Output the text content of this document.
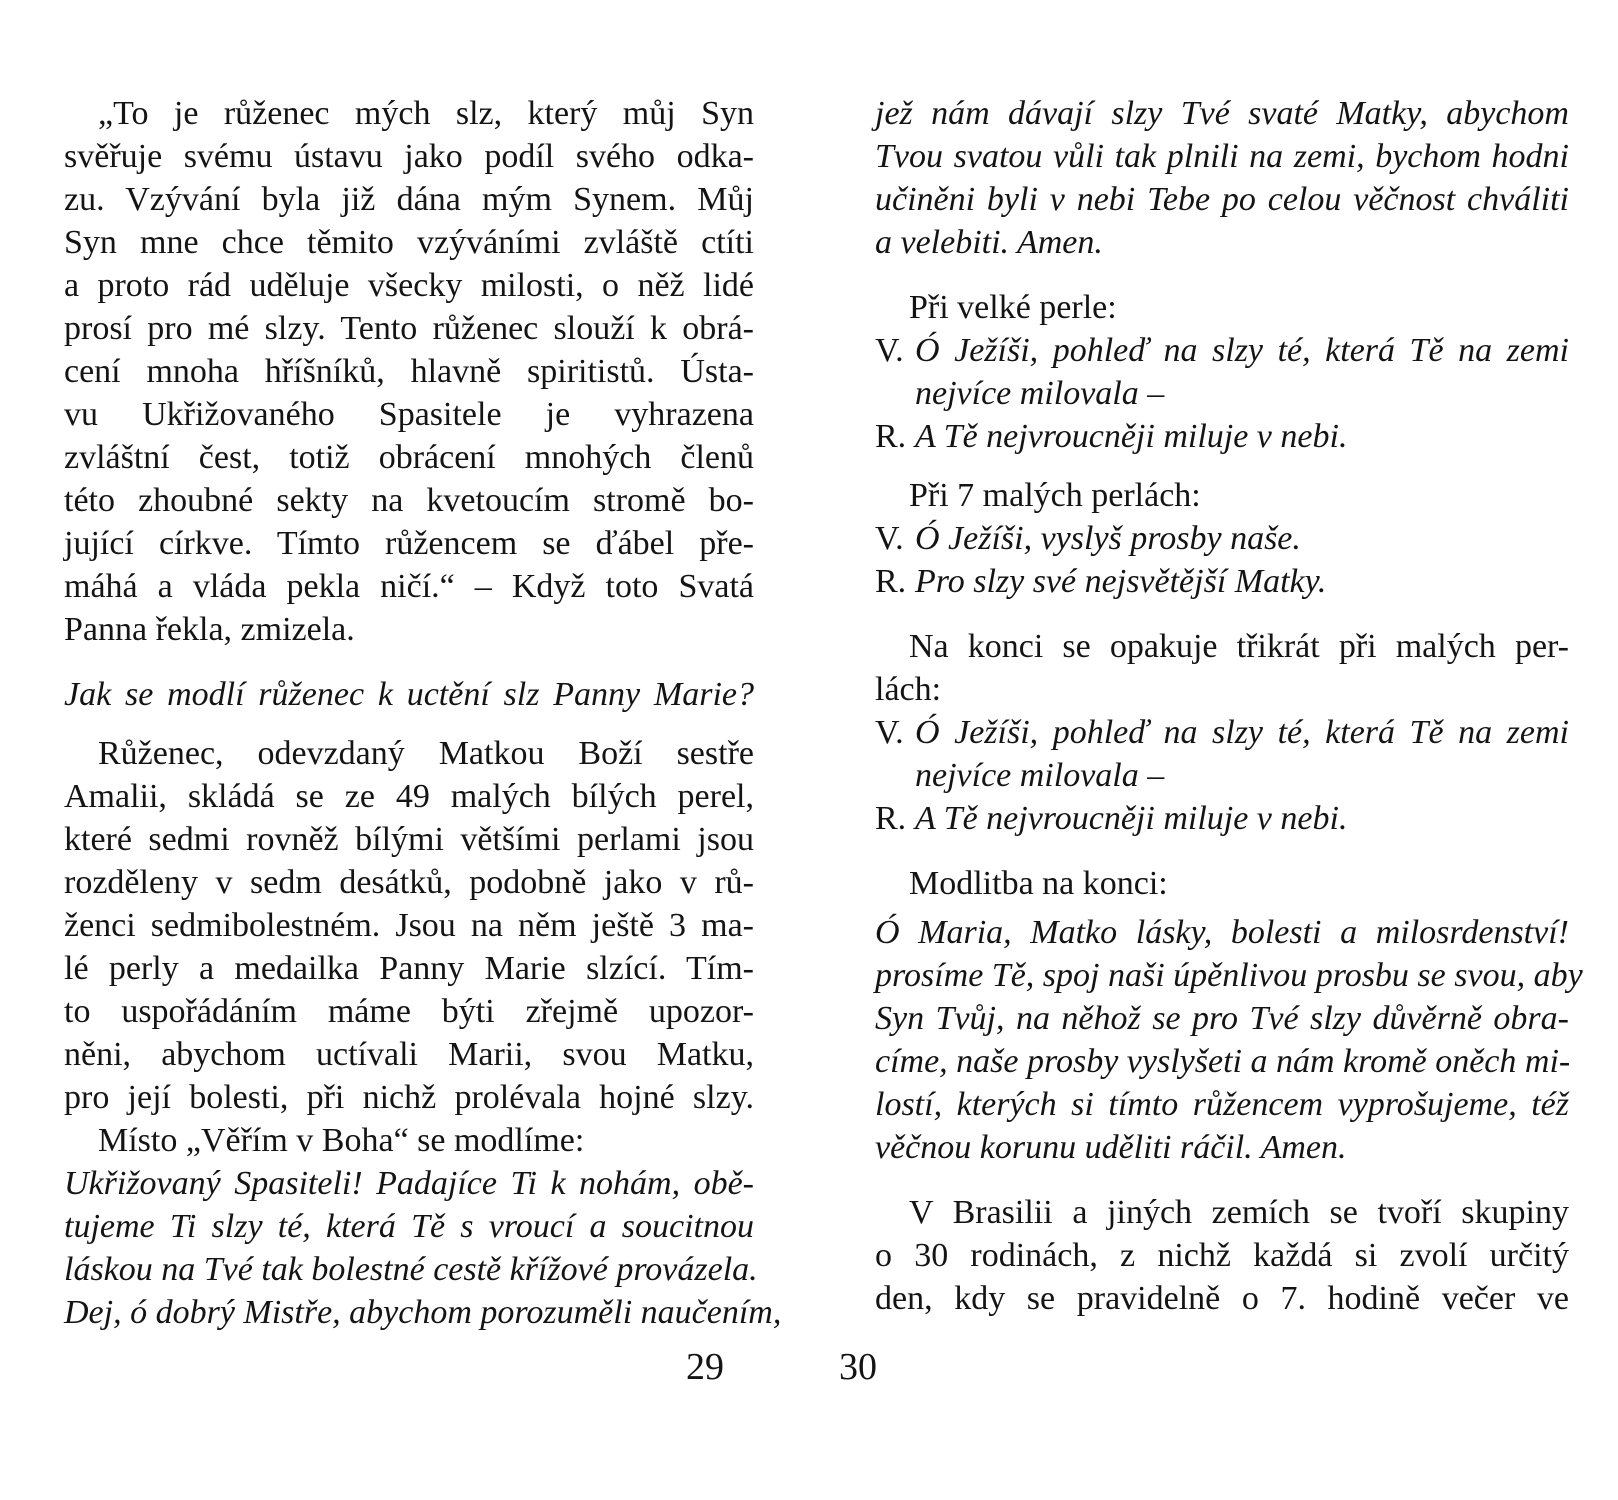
„To je růženec mých slz, který můj Syn
svěřuje svému ústavu jako podíl svého odka-
zu. Vzývání byla již dána mým Synem. Můj
Syn mne chce těmito vzýváními zvláště ctíti
a proto rád uděluje všecky milosti, o něž lidé
prosí pro mé slzy. Tento růženec slouží k obrá-
cení mnoha hříšníků, hlavně spiritistů. Ústa-
vu Ukřižovaného Spasitele je vyhrazena
zvláštní čest, totiž obrácení mnohých členů
této zhoubné sekty na kvetoucím stromě bo-
jující církve. Tímto růžencem se ďábel pře-
máhá a vláda pekla ničí.“ – Když toto Svatá
Panna řekla, zmizela.
Jak se modlí růženec k uctění slz Panny Marie?
Růženec, odevzdaný Matkou Boží sestře
Amalii, skládá se ze 49 malých bílých perel,
které sedmi rovněž bílými většími perlami jsou
rozděleny v sedm desátků, podobně jako v rů-
ženci sedmibolestném. Jsou na něm ještě 3 ma-
lé perly a medailka Panny Marie slzící. Tím-
to uspořádáním máme býti zřejmě upozor-
něni, abychom uctívali Marii, svou Matku,
pro její bolesti, při nichž prolévala hojné slzy.
Místo „Věřím v Boha“ se modlíme:
Ukřižovaný Spasiteli! Padajíce Ti k nohám, obě-
tujeme Ti slzy té, která Tě s vroucí a soucitnou
láskou na Tvé tak bolestné cestě křížové provázela.
Dej, ó dobrý Mistře, abychom porozuměli naučením,
29
jež nám dávají slzy Tvé svaté Matky, abychom
Tvou svatou vůli tak plnili na zemi, bychom hodni
učiněni byli v nebi Tebe po celou věčnost chváliti
a velebiti. Amen.
Při velké perle:
V. Ó Ježíši, pohleď na slzy té, která Tě na zemi
nejvíce milovala –
R. A Tě nejvroucněji miluje v nebi.
Při 7 malých perlách:
V. Ó Ježíši, vyslyš prosby naše.
R. Pro slzy své nejsvětější Matky.
Na konci se opakuje třikrát při malých per-
lách:
V. Ó Ježíši, pohleď na slzy té, která Tě na zemi
nejvíce milovala –
R. A Tě nejvroucněji miluje v nebi.
Modlitba na konci:
Ó Maria, Matko lásky, bolesti a milosrdenství!
prosíme Tě, spoj naši úpěnlivou prosbu se svou, aby
Syn Tvůj, na něhož se pro Tvé slzy důvěrně obra-
címe, naše prosby vyslyšeti a nám kromě oněch mi-
lostí, kterých si tímto růžencem vyprošujeme, též
věčnou korunu uděliti ráčil. Amen.
V Brasilii a jiných zemích se tvoří skupiny
o 30 rodinách, z nichž každá si zvolí určitý
den, kdy se pravidelně o 7. hodině večer ve
30
